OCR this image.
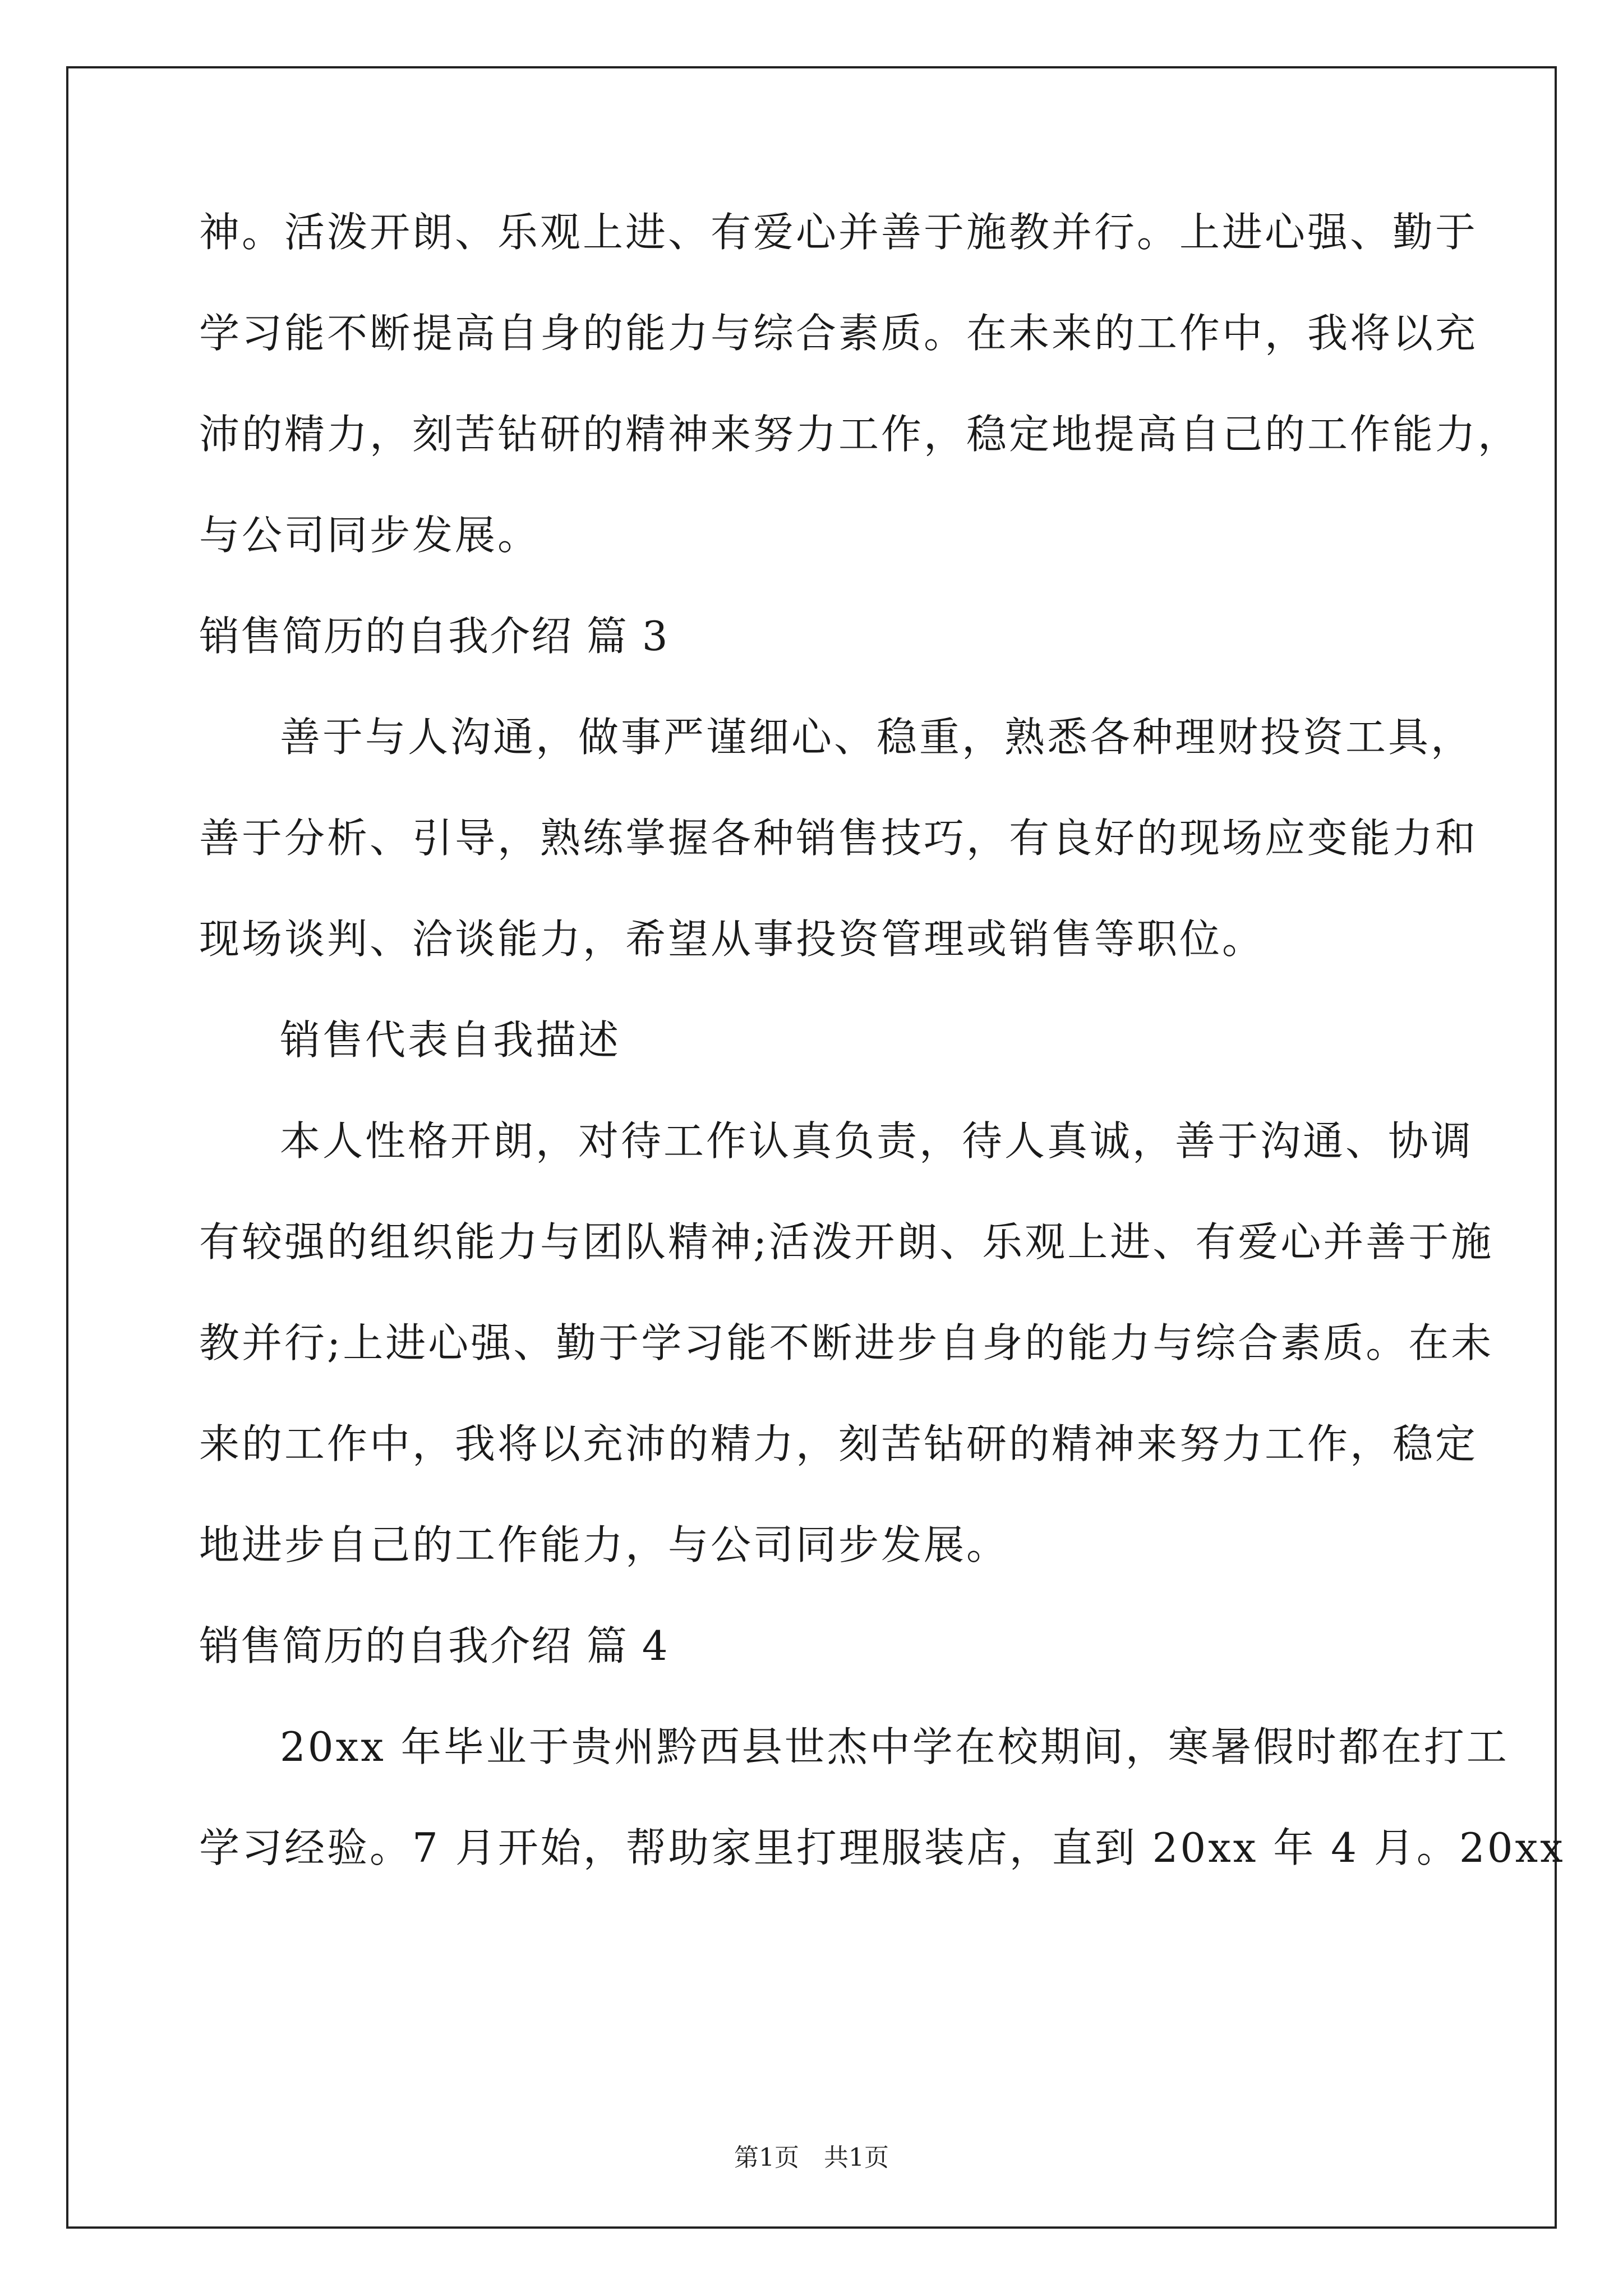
神。活泼开朗、乐观上进、有爱心并善于施教并行。上进心强、勤于

学习能不断提高自身的能力与综合素质。在未来的工作中，我将以充

沛的精力，刻苦钻研的精神来努力工作，稳定地提高自己的工作能力，

与公司同步发展。

销售简历的自我介绍 篇 3

善于与人沟通，做事严谨细心、稳重，熟悉各种理财投资工具，

善于分析、引导，熟练掌握各种销售技巧，有良好的现场应变能力和

现场谈判、洽谈能力，希望从事投资管理或销售等职位。

销售代表自我描述

本人性格开朗，对待工作认真负责，待人真诚，善于沟通、协调

有较强的组织能力与团队精神;活泼开朗、乐观上进、有爱心并善于施

教并行;上进心强、勤于学习能不断进步自身的能力与综合素质。在未

来的工作中，我将以充沛的精力，刻苦钻研的精神来努力工作，稳定

地进步自己的工作能力，与公司同步发展。

销售简历的自我介绍 篇 4

20xx 年毕业于贵州黔西县世杰中学在校期间，寒暑假时都在打工

学习经验。7 月开始，帮助家里打理服装店，直到 20xx 年 4 月。20xx

第1页　共1页
